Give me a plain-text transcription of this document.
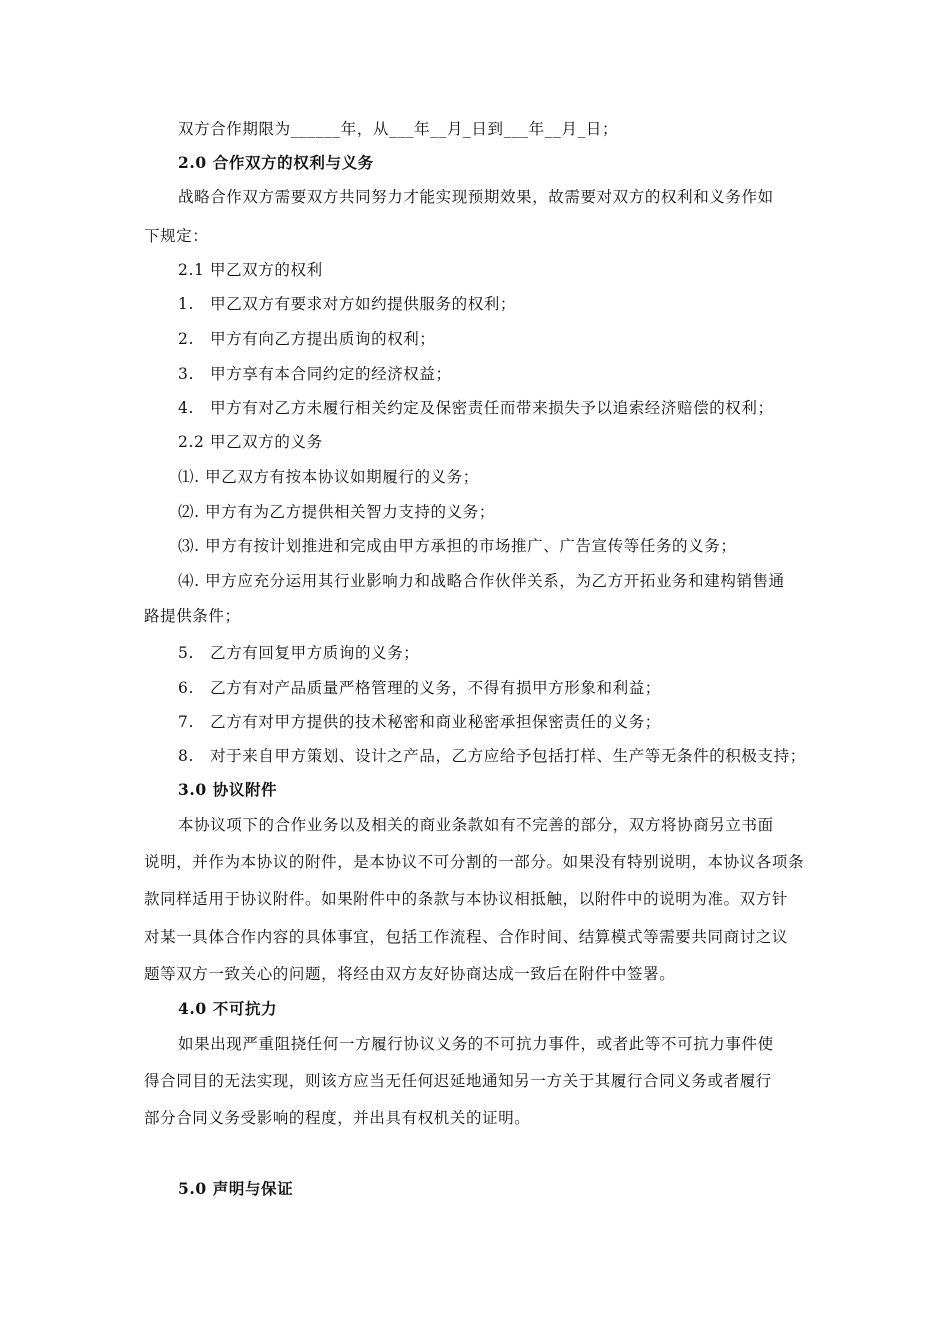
双方合作期限为______年，从___年__月_日到___年__月_日；

2.0 合作双方的权利与义务

战略合作双方需要双方共同努力才能实现预期效果，故需要对双方的权利和义务作如

下规定：

2.1 甲乙双方的权利

1.　甲乙双方有要求对方如约提供服务的权利；

2.　甲方有向乙方提出质询的权利；

3.　甲方享有本合同约定的经济权益；

4.　甲方有对乙方未履行相关约定及保密责任而带来损失予以追索经济赔偿的权利；

2.2 甲乙双方的义务

⑴. 甲乙双方有按本协议如期履行的义务；

⑵. 甲方有为乙方提供相关智力支持的义务；

⑶. 甲方有按计划推进和完成由甲方承担的市场推广、广告宣传等任务的义务；

⑷. 甲方应充分运用其行业影响力和战略合作伙伴关系，为乙方开拓业务和建构销售通

路提供条件；

5.　乙方有回复甲方质询的义务；

6.　乙方有对产品质量严格管理的义务，不得有损甲方形象和利益；

7.　乙方有对甲方提供的技术秘密和商业秘密承担保密责任的义务；

8.　对于来自甲方策划、设计之产品，乙方应给予包括打样、生产等无条件的积极支持；

3.0 协议附件

本协议项下的合作业务以及相关的商业条款如有不完善的部分，双方将协商另立书面

说明，并作为本协议的附件，是本协议不可分割的一部分。如果没有特别说明，本协议各项条

款同样适用于协议附件。如果附件中的条款与本协议相抵触，以附件中的说明为准。双方针

对某一具体合作内容的具体事宜，包括工作流程、合作时间、结算模式等需要共同商讨之议

题等双方一致关心的问题，将经由双方友好协商达成一致后在附件中签署。

4.0 不可抗力

如果出现严重阻挠任何一方履行协议义务的不可抗力事件，或者此等不可抗力事件使

得合同目的无法实现，则该方应当无任何迟延地通知另一方关于其履行合同义务或者履行

部分合同义务受影响的程度，并出具有权机关的证明。

5.0 声明与保证
